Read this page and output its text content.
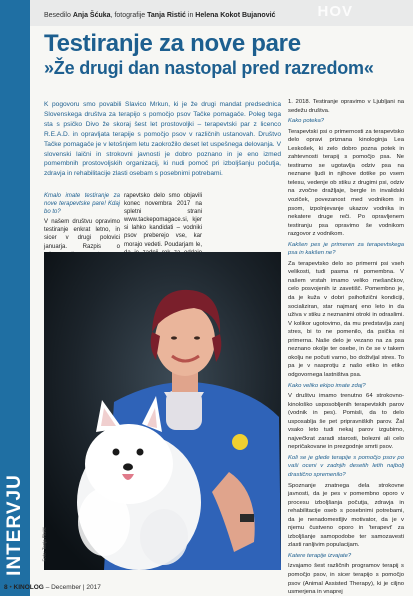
INTERVJU
HOV
Besedilo Anja Šćuka, fotografije Tanja Ristić in Helena Kokot Bujanović
Testiranje za nove pare
»Že drugi dan nastopal pred razredom«

K pogovoru smo povabili Slavico Mrkun, ki je že drugi mandat predsednica Slovenskega društva za terapijo s pomočjo psov Tačke pomagače. Poleg tega sta s psičko Divo že skoraj šest let prostovoljki – terapevtski par z licenco R.E.A.D. in opravljata terapije s pomočjo psov v različnih ustanovah. Društvo Tačke pomagače je v letošnjem letu zaokrožilo deset let uspešnega delovanja. V slovenski laični in strokovni javnosti je dobro poznano in je eno izmed pomembnih prostovoljskih organizacij, ki nudi pomoč pri izboljšanju počutja, zdravja in rehabilitacije zlasti osebam s posebnimi potrebami.

Kmalo imate testiranje za nove terapevtske pare! Kdaj bo to?

V našem društvu opravimo testiranje enkrat letno, in sicer v drugi polovici januarja. Razpis o

rapevtsko delo smo objavili konec novembra 2017 na spletni strani www.tackepomagace.si, kjer si lahko kandidati – vodniki psov preberejo vse, kar morajo vedeti. Poudarjam le,

Foto: Tanja Ristić

1. 2018. Testiranje opravimo v Ljubljani na sedežu društva.

Kako poteka?

Terapevtski psi o primernosti za terapevtsko delo opravi priznana kinologinja Lea Leskošek, ki zelo dobro pozna potek in zahtevnosti terapij s pomočjo psa. Ne testiramo se ugotavlja odziv psa na neznane ljudi in njihove dotike po vsem telesu, vedenje ob stiku z drugimi psi, odziv na zvočne dražljaje, bergle in invalidski voziček, povezanost med vodnikom in psom, izpolnjevanje ukazov vodnika in nekatere druge reči. Po opravljenem testiranju psa opravimo še vodnikom razgovor z vodnikom.

Kakšen pes je primeren za terapevtskega psa in kakšen ne?

Za terapevtsko delo so primerni psi vseh velikosti, tudi pasma ni pomembna. V našem vrstah imamo veliko mešančkov, celo posvojenih iz zavetišč. Pomembno je, da je kuža v dobri psihofizični kondiciji, socializiran, star najmanj eno leto in da uživa v stiku z neznanimi otroki in odraslimi. V kolikor ugotovimo, da mu predstavlja zanj stres, bi to ne pomenilo, da psička ni primerna. Naše delo je vezano na za psa neznano okolje ter osebe, in če se v takem okolju ne počuti varno, bo doživljal stres. To pa je v nasprotju z našo etiko in etiko odgovornega lastništva psa.

Kako veliko ekipo imate zdaj?

V društvu imamo trenutno 64 strokovno-kinološko usposobljenih terapevtskih parov (vodnik in pes). Pomisli, da to delo usposablja še pet pripravniških parov. Žal vsako leto tudi nekaj parov izgubimo, največkrat zaradi starosti, bolezni ali celo nepričakovane in prezgodnje smrti psov.

Koli se je glede terapije s pomočjo psov po vaši oceni v zadnjih desetih letih najbolj drastično spremenilo?

Spoznanje znatnega dela strokovne javnosti, da je pes v pomembno oporo v procesu izboljšanja počutja, zdravja in rehabilitacije oseb s posebnimi potrebami, da je nenadomestljiv motivator, da je v njemu čustveno oporo in 'terapevt' za izboljšanje samopodobe ter samozavesti zlasti ranljivim populacijam.

Katere terapije izvajate?

Izvajamo šest različnih programov terapij s pomočjo psov, in sicer terapijo s pomočjo psov (Animal Assisted Therapy), ki je cilјno usmerjena in vnaprej

8 • KINOLOG – December | 2017
